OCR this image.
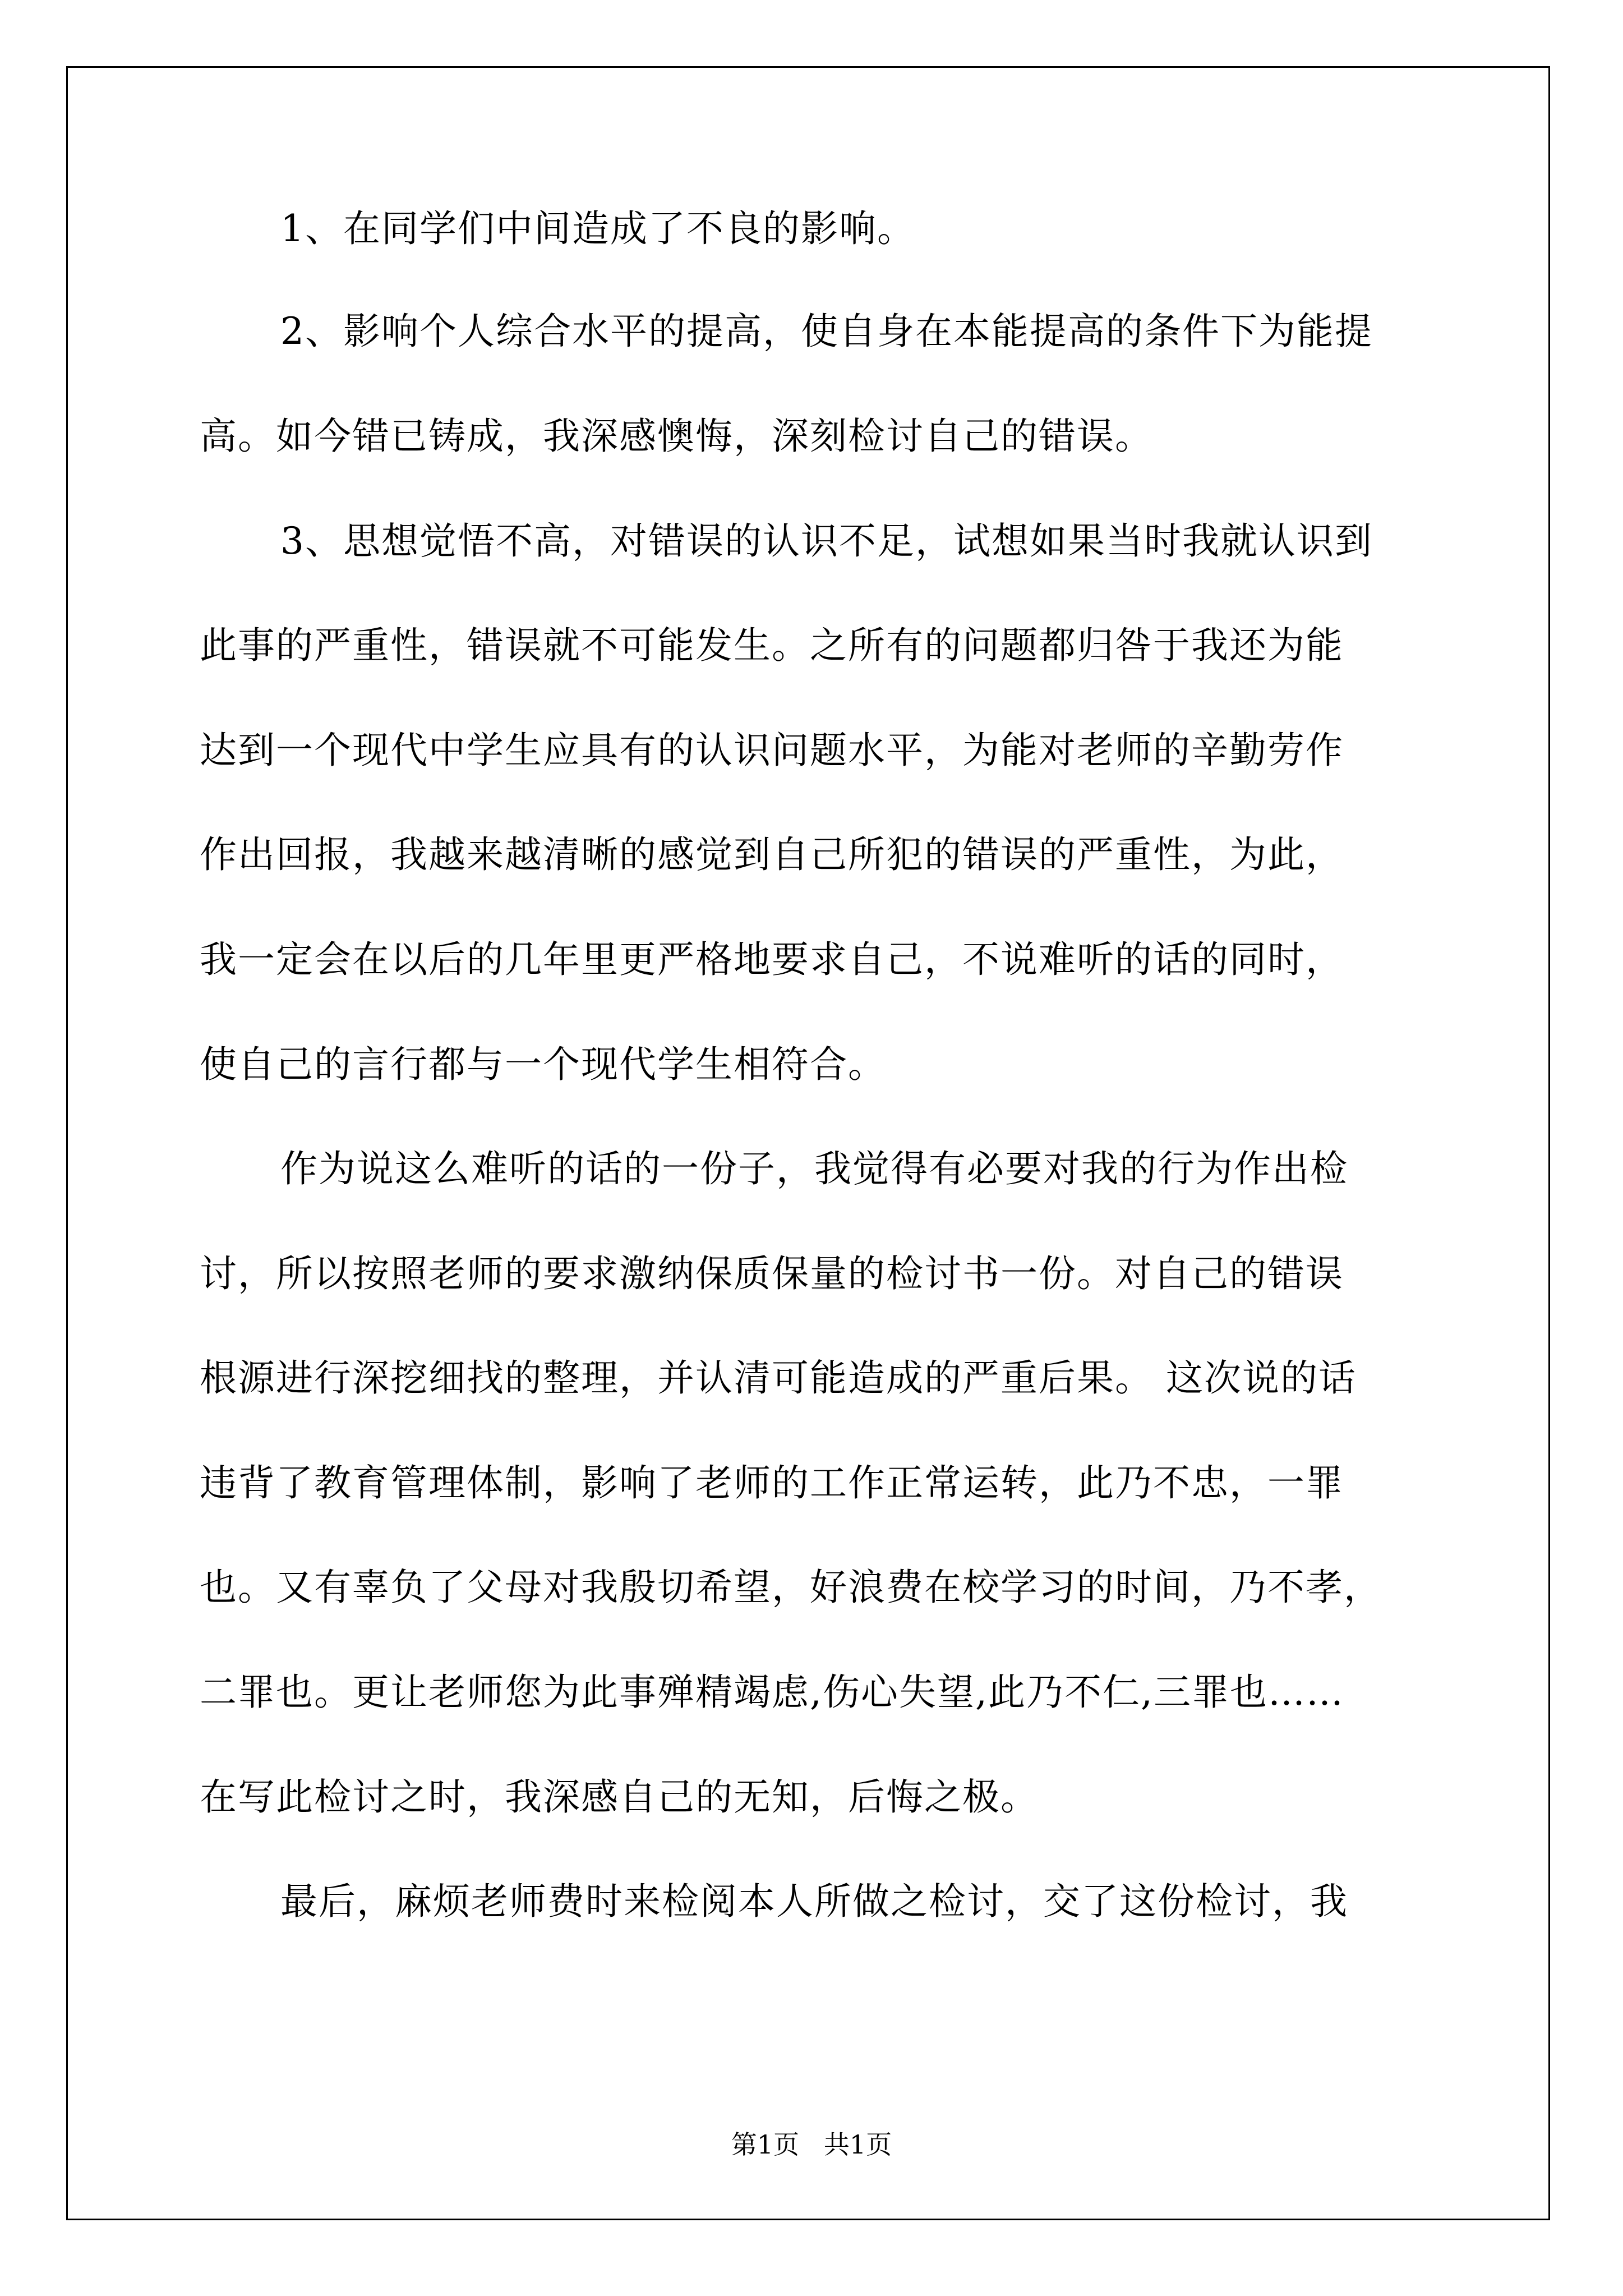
1、在同学们中间造成了不良的影响。
2、影响个人综合水平的提高，使自身在本能提高的条件下为能提
高。如今错已铸成，我深感懊悔，深刻检讨自己的错误。
3、思想觉悟不高，对错误的认识不足，试想如果当时我就认识到
此事的严重性，错误就不可能发生。之所有的问题都归咎于我还为能
达到一个现代中学生应具有的认识问题水平，为能对老师的辛勤劳作
作出回报，我越来越清晰的感觉到自己所犯的错误的严重性，为此，
我一定会在以后的几年里更严格地要求自己，不说难听的话的同时，
使自己的言行都与一个现代学生相符合。
作为说这么难听的话的一份子，我觉得有必要对我的行为作出检
讨，所以按照老师的要求激纳保质保量的检讨书一份。对自己的错误
根源进行深挖细找的整理，并认清可能造成的严重后果。 这次说的话
违背了教育管理体制，影响了老师的工作正常运转，此乃不忠，一罪
也。又有辜负了父母对我殷切希望，好浪费在校学习的时间，乃不孝，
二罪也。更让老师您为此事殚精竭虑,伤心失望,此乃不仁,三罪也……
在写此检讨之时，我深感自己的无知，后悔之极。
最后，麻烦老师费时来检阅本人所做之检讨，交了这份检讨，我
第1页   共1页
